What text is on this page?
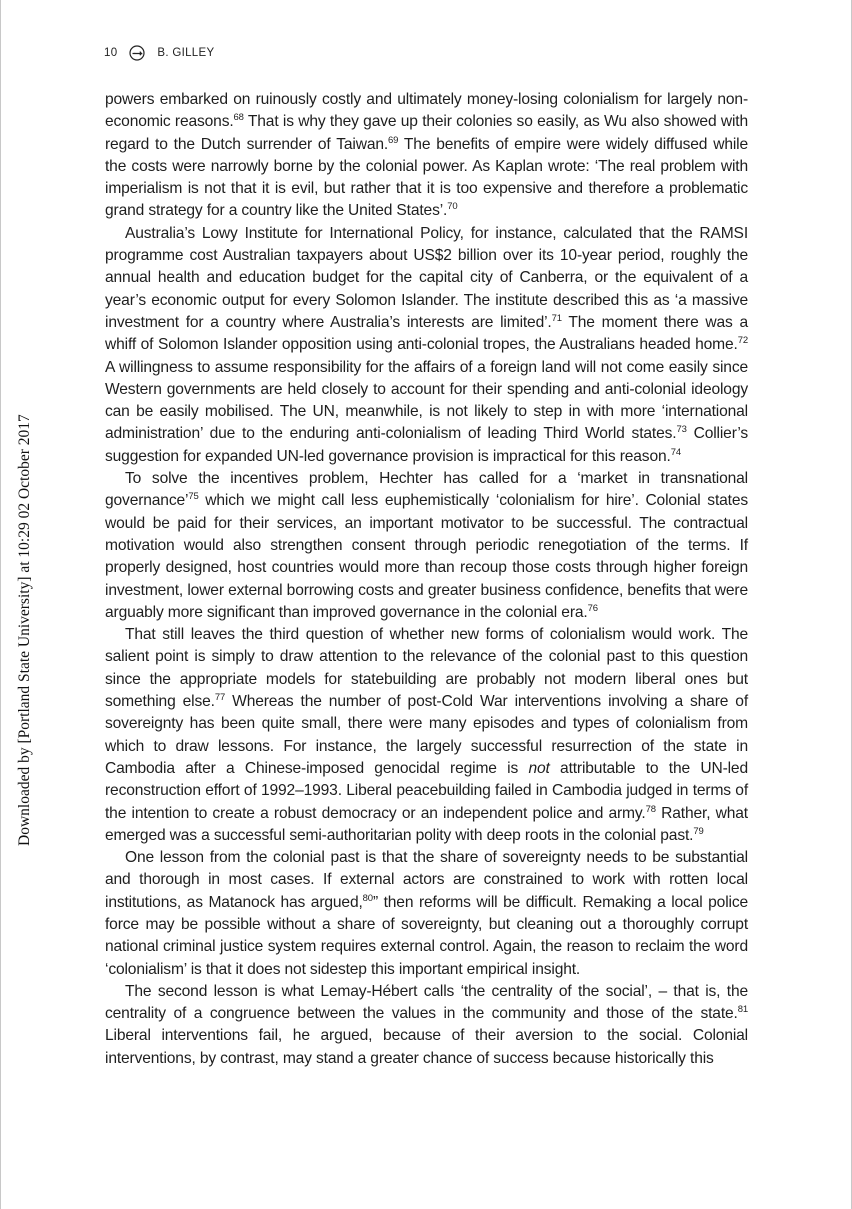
10	B. GILLEY
Downloaded by [Portland State University] at 10:29 02 October 2017

powers embarked on ruinously costly and ultimately money-losing colonialism for largely non-economic reasons.$^{68}$ That is why they gave up their colonies so easily, as Wu also showed with regard to the Dutch surrender of Taiwan.$^{69}$ The benefits of empire were widely diffused while the costs were narrowly borne by the colonial power. As Kaplan wrote: ‘The real problem with imperialism is not that it is evil, but rather that it is too expensive and therefore a problematic grand strategy for a country like the United States’.$^{70}$

Australia’s Lowy Institute for International Policy, for instance, calculated that the RAMSI programme cost Australian taxpayers about US$2 billion over its 10-year period, roughly the annual health and education budget for the capital city of Canberra, or the equivalent of a year’s economic output for every Solomon Islander. The institute described this as ‘a massive investment for a country where Australia’s interests are limited’.$^{71}$ The moment there was a whiff of Solomon Islander opposition using anti-colonial tropes, the Australians headed home.$^{72}$ A willingness to assume responsibility for the affairs of a foreign land will not come easily since Western governments are held closely to account for their spending and anti-colonial ideology can be easily mobilised. The UN, meanwhile, is not likely to step in with more ‘international administration’ due to the enduring anti-colonialism of leading Third World states.$^{73}$ Collier’s suggestion for expanded UN-led governance provision is impractical for this reason.$^{74}$

To solve the incentives problem, Hechter has called for a ‘market in transnational governance’$^{75}$ which we might call less euphemistically ‘colonialism for hire’. Colonial states would be paid for their services, an important motivator to be successful. The contractual motivation would also strengthen consent through periodic renegotiation of the terms. If properly designed, host countries would more than recoup those costs through higher foreign investment, lower external borrowing costs and greater business confidence, benefits that were arguably more significant than improved governance in the colonial era.$^{76}$

That still leaves the third question of whether new forms of colonialism would work. The salient point is simply to draw attention to the relevance of the colonial past to this question since the appropriate models for statebuilding are probably not modern liberal ones but something else.$^{77}$ Whereas the number of post-Cold War interventions involving a share of sovereignty has been quite small, there were many episodes and types of colonialism from which to draw lessons. For instance, the largely successful resurrection of the state in Cambodia after a Chinese-imposed genocidal regime is not attributable to the UN-led reconstruction effort of 1992–1993. Liberal peacebuilding failed in Cambodia judged in terms of the intention to create a robust democracy or an independent police and army.$^{78}$ Rather, what emerged was a successful semi-authoritarian polity with deep roots in the colonial past.$^{79}$

One lesson from the colonial past is that the share of sovereignty needs to be substantial and thorough in most cases. If external actors are constrained to work with rotten local institutions, as Matanock has argued,$^{80}$” then reforms will be difficult. Remaking a local police force may be possible without a share of sovereignty, but cleaning out a thoroughly corrupt national criminal justice system requires external control. Again, the reason to reclaim the word ‘colonialism’ is that it does not sidestep this important empirical insight.

The second lesson is what Lemay-Hébert calls ‘the centrality of the social’, – that is, the centrality of a congruence between the values in the community and those of the state.$^{81}$ Liberal interventions fail, he argued, because of their aversion to the social. Colonial interventions, by contrast, may stand a greater chance of success because historically this
